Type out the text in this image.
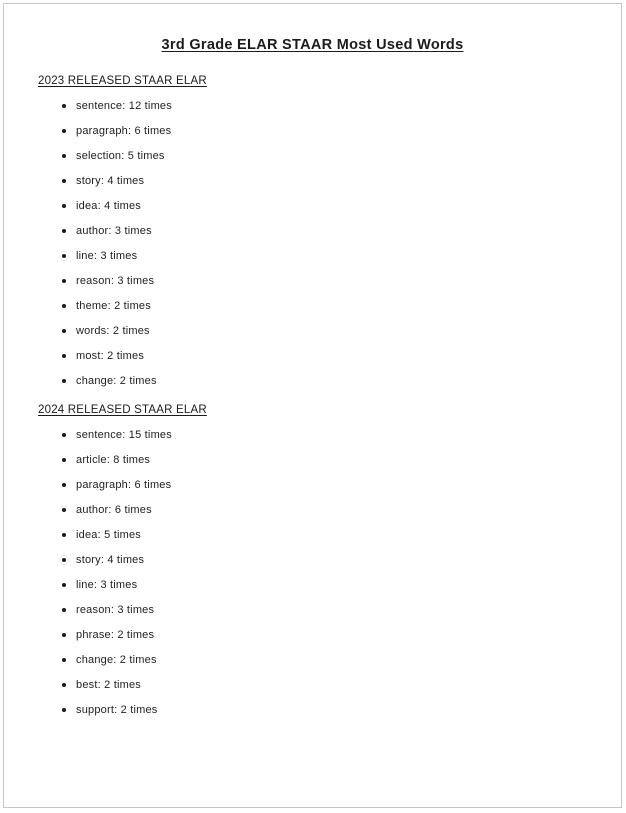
3rd Grade ELAR STAAR Most Used Words
2023 RELEASED STAAR ELAR
sentence: 12 times
paragraph: 6 times
selection: 5 times
story: 4 times
idea: 4 times
author: 3 times
line: 3 times
reason: 3 times
theme: 2 times
words: 2 times
most: 2 times
change: 2 times
2024 RELEASED STAAR ELAR
sentence: 15 times
article: 8 times
paragraph: 6 times
author: 6 times
idea: 5 times
story: 4 times
line: 3 times
reason: 3 times
phrase: 2 times
change: 2 times
best: 2 times
support: 2 times
